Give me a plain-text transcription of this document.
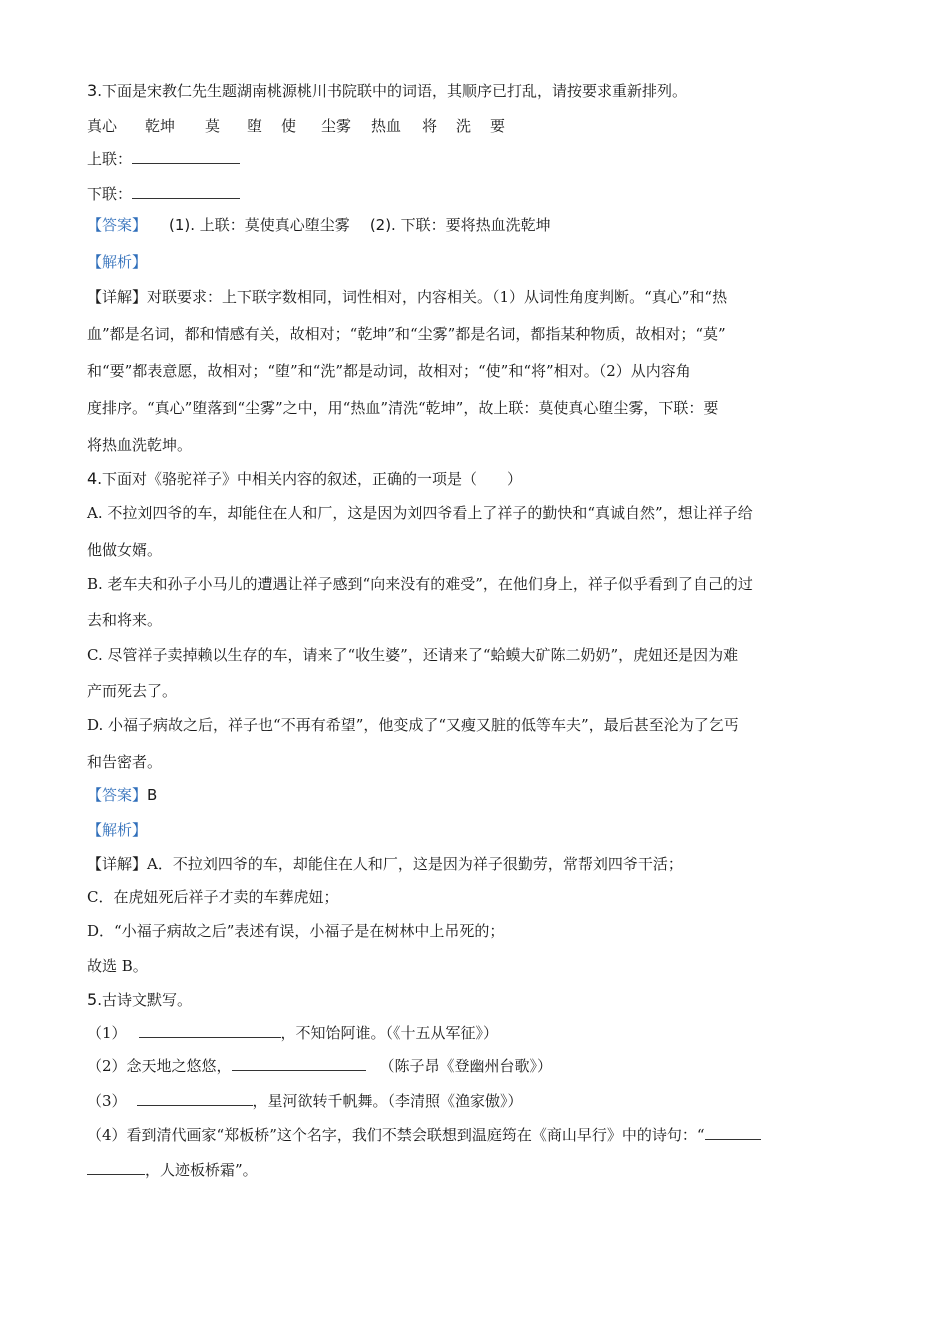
3.下面是宋教仁先生题湖南桃源桃川书院联中的词语，其顺序已打乱，请按要求重新排列。
真心 乾坤 莫 堕 使 尘雾 热血 将 洗 要
上联：
下联：
【答案】 (1). 上联：莫使真心堕尘雾 (2). 下联：要将热血洗乾坤
【解析】
【详解】对联要求：上下联字数相同，词性相对，内容相关。（1）从词性角度判断。“真心”和“热
血”都是名词，都和情感有关，故相对；“乾坤”和“尘雾”都是名词，都指某种物质，故相对；“莫”
和“要”都表意愿，故相对；“堕”和“洗”都是动词，故相对；“使”和“将”相对。（2）从内容角
度排序。“真心”堕落到“尘雾”之中，用“热血”清洗“乾坤”，故上联：莫使真心堕尘雾，下联：要
将热血洗乾坤。
4.下面对《骆驼祥子》中相关内容的叙述，正确的一项是（　　）
A. 不拉刘四爷的车，却能住在人和厂，这是因为刘四爷看上了祥子的勤快和“真诚自然”，想让祥子给
他做女婿。
B. 老车夫和孙子小马儿的遭遇让祥子感到“向来没有的难受”，在他们身上，祥子似乎看到了自己的过
去和将来。
C. 尽管祥子卖掉赖以生存的车，请来了“收生婆”，还请来了“蛤蟆大矿陈二奶奶”，虎妞还是因为难
产而死去了。
D. 小福子病故之后，祥子也“不再有希望”，他变成了“又瘦又脏的低等车夫”，最后甚至沦为了乞丐
和告密者。
【答案】B
【解析】
【详解】A．不拉刘四爷的车，却能住在人和厂，这是因为祥子很勤劳，常帮刘四爷干活；
C．在虎妞死后祥子才卖的车葬虎妞；
D．“小福子病故之后”表述有误，小福子是在树林中上吊死的；
故选 B。
5.古诗文默写。
（1）	，不知饴阿谁。（《十五从军征》）
（2）念天地之悠悠，	（陈子昂《登幽州台歌》）
（3）	，星河欲转千帆舞。（李清照《渔家傲》）
（4）看到清代画家“郑板桥”这个名字，我们不禁会联想到温庭筠在《商山早行》中的诗句：“
，人迹板桥霜”。
